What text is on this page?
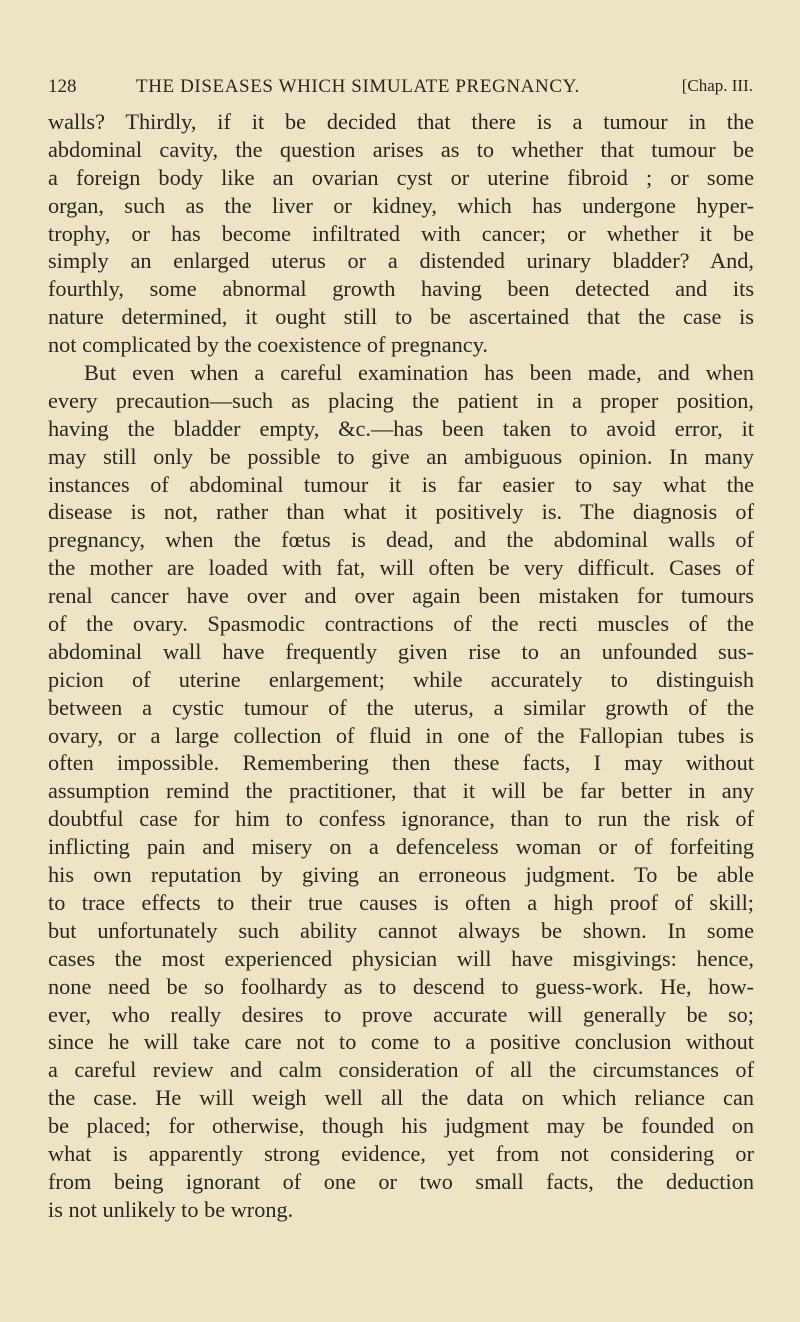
128	THE DISEASES WHICH SIMULATE PREGNANCY.	[Chap. III.
walls? Thirdly, if it be decided that there is a tumour in the
abdominal cavity, the question arises as to whether that tumour be
a foreign body like an ovarian cyst or uterine fibroid ; or some
organ, such as the liver or kidney, which has undergone hyper-
trophy, or has become infiltrated with cancer; or whether it be
simply an enlarged uterus or a distended urinary bladder? And,
fourthly, some abnormal growth having been detected and its
nature determined, it ought still to be ascertained that the case is
not complicated by the coexistence of pregnancy.
But even when a careful examination has been made, and when
every precaution—such as placing the patient in a proper position,
having the bladder empty, &c.—has been taken to avoid error, it
may still only be possible to give an ambiguous opinion. In many
instances of abdominal tumour it is far easier to say what the
disease is not, rather than what it positively is. The diagnosis of
pregnancy, when the fœtus is dead, and the abdominal walls of
the mother are loaded with fat, will often be very difficult. Cases of
renal cancer have over and over again been mistaken for tumours
of the ovary. Spasmodic contractions of the recti muscles of the
abdominal wall have frequently given rise to an unfounded sus-
picion of uterine enlargement; while accurately to distinguish
between a cystic tumour of the uterus, a similar growth of the
ovary, or a large collection of fluid in one of the Fallopian tubes is
often impossible. Remembering then these facts, I may without
assumption remind the practitioner, that it will be far better in any
doubtful case for him to confess ignorance, than to run the risk of
inflicting pain and misery on a defenceless woman or of forfeiting
his own reputation by giving an erroneous judgment. To be able
to trace effects to their true causes is often a high proof of skill;
but unfortunately such ability cannot always be shown. In some
cases the most experienced physician will have misgivings: hence,
none need be so foolhardy as to descend to guess-work. He, how-
ever, who really desires to prove accurate will generally be so;
since he will take care not to come to a positive conclusion without
a careful review and calm consideration of all the circumstances of
the case. He will weigh well all the data on which reliance can
be placed; for otherwise, though his judgment may be founded on
what is apparently strong evidence, yet from not considering or
from being ignorant of one or two small facts, the deduction
is not unlikely to be wrong.
